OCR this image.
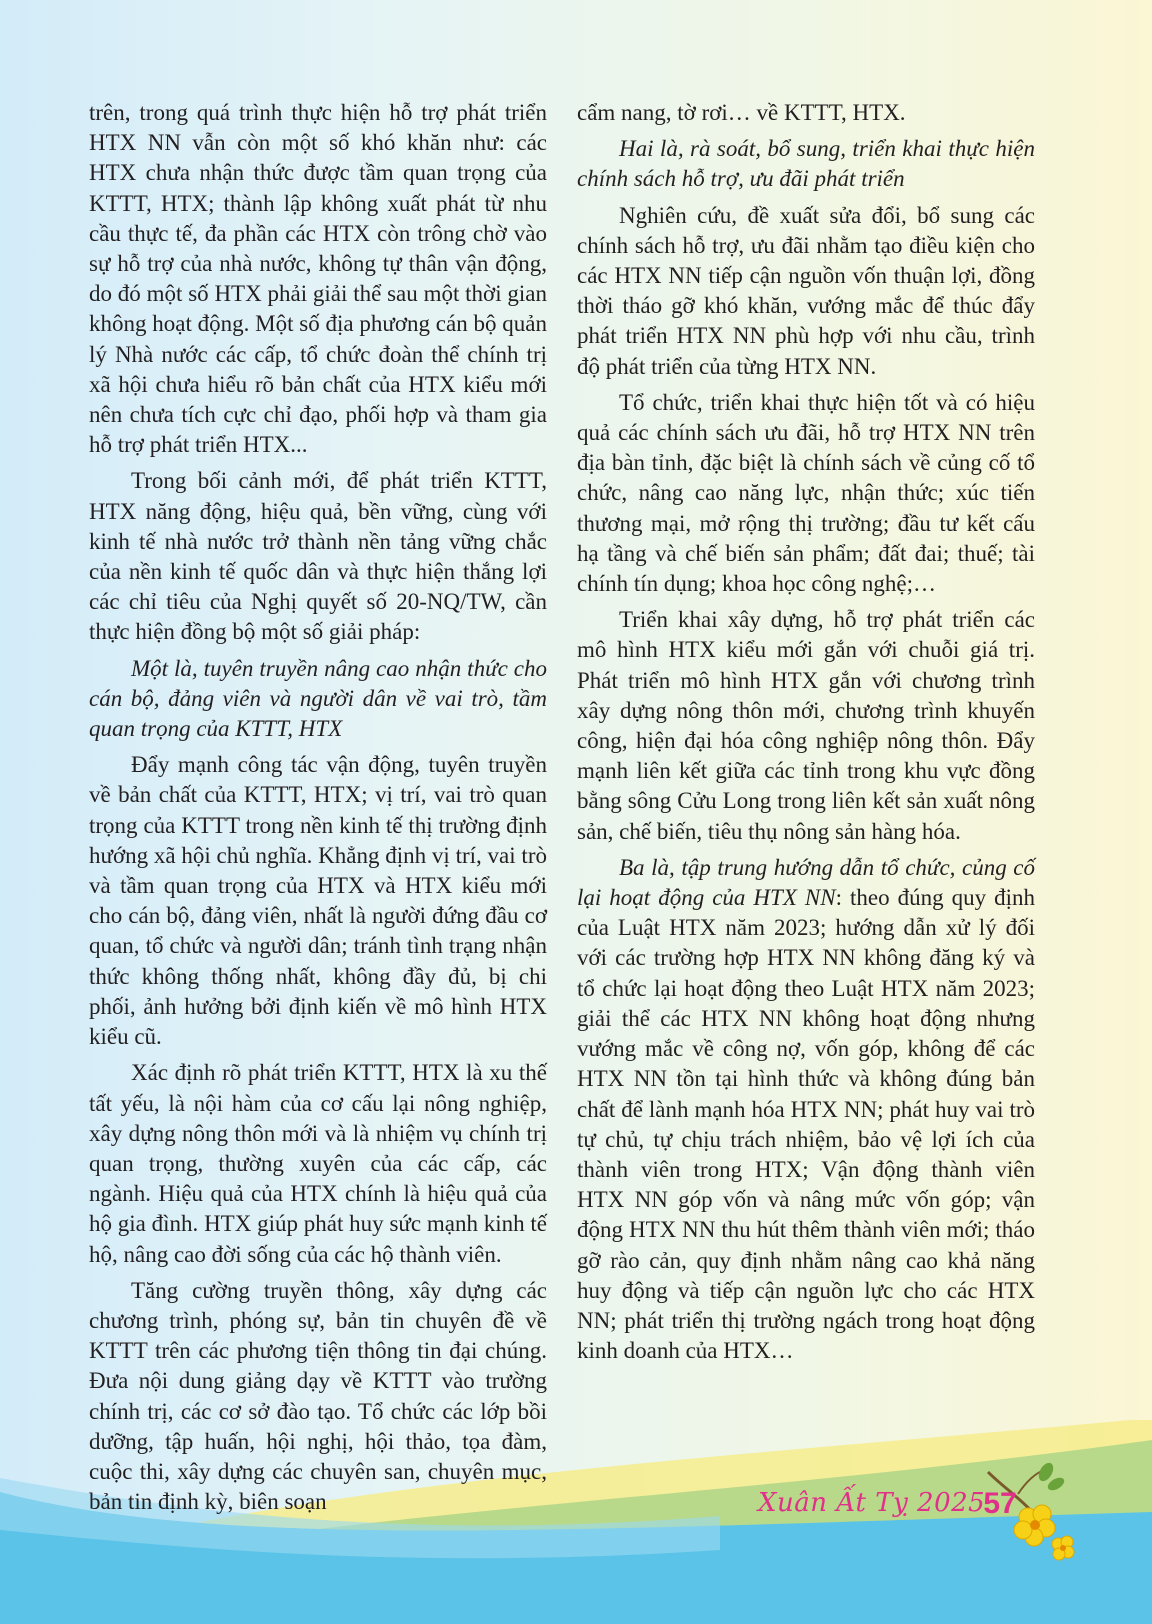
trên, trong quá trình thực hiện hỗ trợ phát triển HTX NN vẫn còn một số khó khăn như: các HTX chưa nhận thức được tầm quan trọng của KTTT, HTX; thành lập không xuất phát từ nhu cầu thực tế, đa phần các HTX còn trông chờ vào sự hỗ trợ của nhà nước, không tự thân vận động, do đó một số HTX phải giải thể sau một thời gian không hoạt động. Một số địa phương cán bộ quản lý Nhà nước các cấp, tổ chức đoàn thể chính trị xã hội chưa hiểu rõ bản chất của HTX kiểu mới nên chưa tích cực chỉ đạo, phối hợp và tham gia hỗ trợ phát triển HTX...

Trong bối cảnh mới, để phát triển KTTT, HTX năng động, hiệu quả, bền vững, cùng với kinh tế nhà nước trở thành nền tảng vững chắc của nền kinh tế quốc dân và thực hiện thắng lợi các chỉ tiêu của Nghị quyết số 20-NQ/TW, cần thực hiện đồng bộ một số giải pháp:

Một là, tuyên truyền nâng cao nhận thức cho cán bộ, đảng viên và người dân về vai trò, tầm quan trọng của KTTT, HTX

Đẩy mạnh công tác vận động, tuyên truyền về bản chất của KTTT, HTX; vị trí, vai trò quan trọng của KTTT trong nền kinh tế thị trường định hướng xã hội chủ nghĩa. Khẳng định vị trí, vai trò và tầm quan trọng của HTX và HTX kiểu mới cho cán bộ, đảng viên, nhất là người đứng đầu cơ quan, tổ chức và người dân; tránh tình trạng nhận thức không thống nhất, không đầy đủ, bị chi phối, ảnh hưởng bởi định kiến về mô hình HTX kiểu cũ.

Xác định rõ phát triển KTTT, HTX là xu thế tất yếu, là nội hàm của cơ cấu lại nông nghiệp, xây dựng nông thôn mới và là nhiệm vụ chính trị quan trọng, thường xuyên của các cấp, các ngành. Hiệu quả của HTX chính là hiệu quả của hộ gia đình. HTX giúp phát huy sức mạnh kinh tế hộ, nâng cao đời sống của các hộ thành viên.

Tăng cường truyền thông, xây dựng các chương trình, phóng sự, bản tin chuyên đề về KTTT trên các phương tiện thông tin đại chúng. Đưa nội dung giảng dạy về KTTT vào trường chính trị, các cơ sở đào tạo. Tổ chức các lớp bồi dưỡng, tập huấn, hội nghị, hội thảo, tọa đàm, cuộc thi, xây dựng các chuyên san, chuyên mục, bản tin định kỳ, biên soạn

cẩm nang, tờ rơi… về KTTT, HTX.

Hai là, rà soát, bổ sung, triển khai thực hiện chính sách hỗ trợ, ưu đãi phát triển

Nghiên cứu, đề xuất sửa đổi, bổ sung các chính sách hỗ trợ, ưu đãi nhằm tạo điều kiện cho các HTX NN tiếp cận nguồn vốn thuận lợi, đồng thời tháo gỡ khó khăn, vướng mắc để thúc đẩy phát triển HTX NN phù hợp với nhu cầu, trình độ phát triển của từng HTX NN.

Tổ chức, triển khai thực hiện tốt và có hiệu quả các chính sách ưu đãi, hỗ trợ HTX NN trên địa bàn tỉnh, đặc biệt là chính sách về củng cố tổ chức, nâng cao năng lực, nhận thức; xúc tiến thương mại, mở rộng thị trường; đầu tư kết cấu hạ tầng và chế biến sản phẩm; đất đai; thuế; tài chính tín dụng; khoa học công nghệ;…

Triển khai xây dựng, hỗ trợ phát triển các mô hình HTX kiểu mới gắn với chuỗi giá trị. Phát triển mô hình HTX gắn với chương trình xây dựng nông thôn mới, chương trình khuyến công, hiện đại hóa công nghiệp nông thôn. Đẩy mạnh liên kết giữa các tỉnh trong khu vực đồng bằng sông Cửu Long trong liên kết sản xuất nông sản, chế biến, tiêu thụ nông sản hàng hóa.

Ba là, tập trung hướng dẫn tổ chức, củng cố lại hoạt động của HTX NN: theo đúng quy định của Luật HTX năm 2023; hướng dẫn xử lý đối với các trường hợp HTX NN không đăng ký và tổ chức lại hoạt động theo Luật HTX năm 2023; giải thể các HTX NN không hoạt động nhưng vướng mắc về công nợ, vốn góp, không để các HTX NN tồn tại hình thức và không đúng bản chất để lành mạnh hóa HTX NN; phát huy vai trò tự chủ, tự chịu trách nhiệm, bảo vệ lợi ích của thành viên trong HTX; Vận động thành viên HTX NN góp vốn và nâng mức vốn góp; vận động HTX NN thu hút thêm thành viên mới; tháo gỡ rào cản, quy định nhằm nâng cao khả năng huy động và tiếp cận nguồn lực cho các HTX NN; phát triển thị trường ngách trong hoạt động kinh doanh của HTX…

Xuân Ất Tỵ 2025
57
